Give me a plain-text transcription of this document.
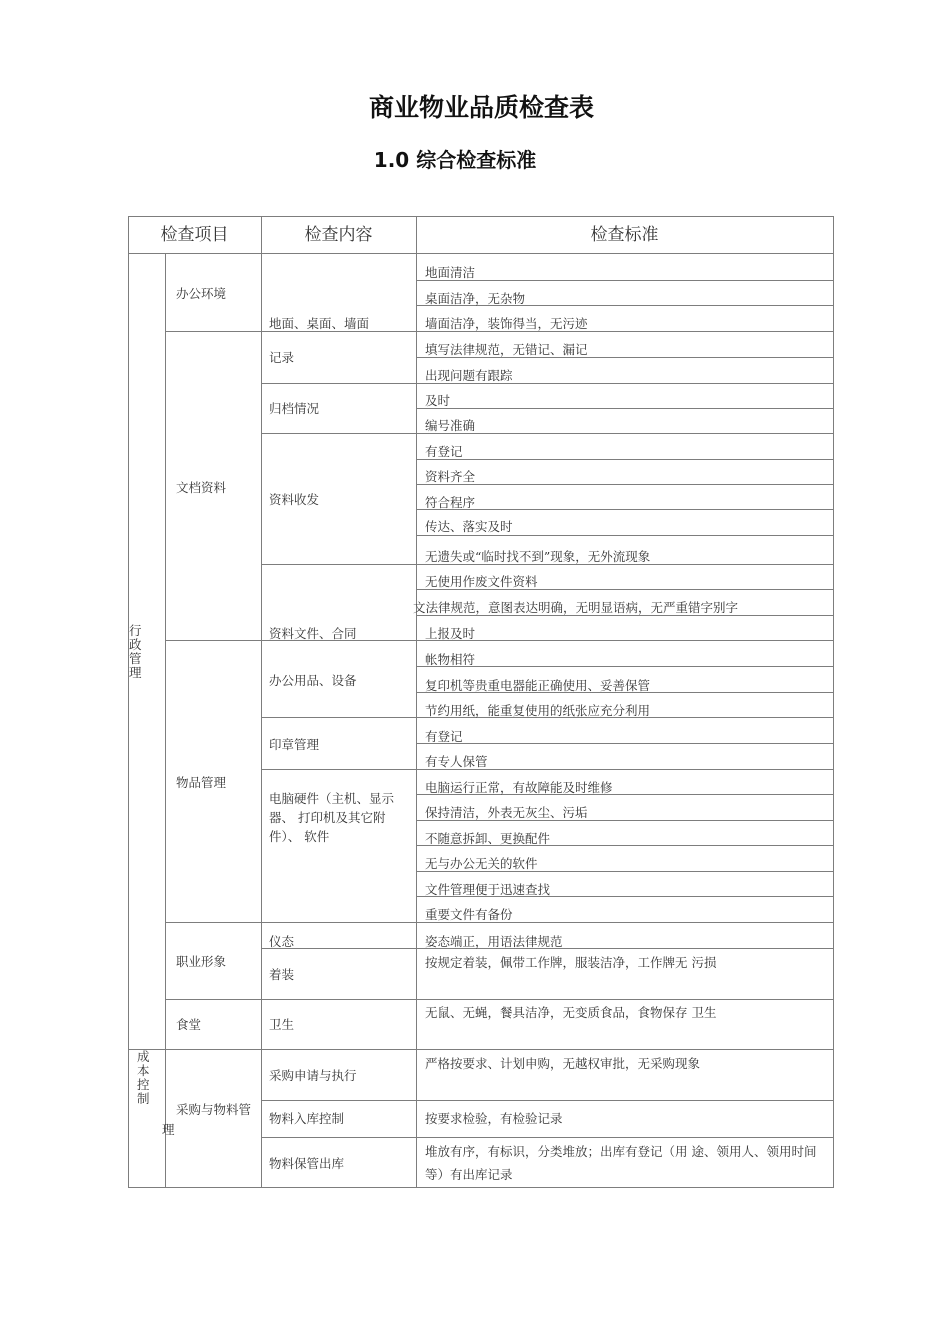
商业物业品质检查表
1.0 综合检查标准
检查项目	检查内容	检查标准
行政管理
成本控制
办公环境
文档资料
物品管理
职业形象
食堂
采购与物料管理
地面、桌面、墙面
记录
归档情况
资料收发
资料文件、合同
办公用品、设备
印章管理
电脑硬件（主机、显示器、 打印机及其它附件）、 软件
仪态
着装
卫生
采购申请与执行
物料入库控制
物料保管出库
地面清洁
桌面洁净，无杂物
墙面洁净，装饰得当，无污迹
填写法律规范，无错记、漏记
出现问题有跟踪
及时
编号准确
有登记
资料齐全
符合程序
传达、落实及时
无遗失或“临时找不到”现象，无外流现象
无使用作废文件资料
文法律规范，意图表达明确，无明显语病，无严重错字别字
上报及时
帐物相符
复印机等贵重电器能正确使用、妥善保管
节约用纸，能重复使用的纸张应充分利用
有登记
有专人保管
电脑运行正常，有故障能及时维修
保持清洁，外表无灰尘、污垢
不随意拆卸、更换配件
无与办公无关的软件
文件管理便于迅速查找
重要文件有备份
姿态端正，用语法律规范
按规定着装，佩带工作牌，服装洁净，工作牌无 污损
无鼠、无蝇，餐具洁净，无变质食品，食物保存 卫生
严格按要求、计划申购，无越权审批，无采购现象
按要求检验，有检验记录
堆放有序，有标识，分类堆放；出库有登记（用 途、领用人、领用时间等）有出库记录
